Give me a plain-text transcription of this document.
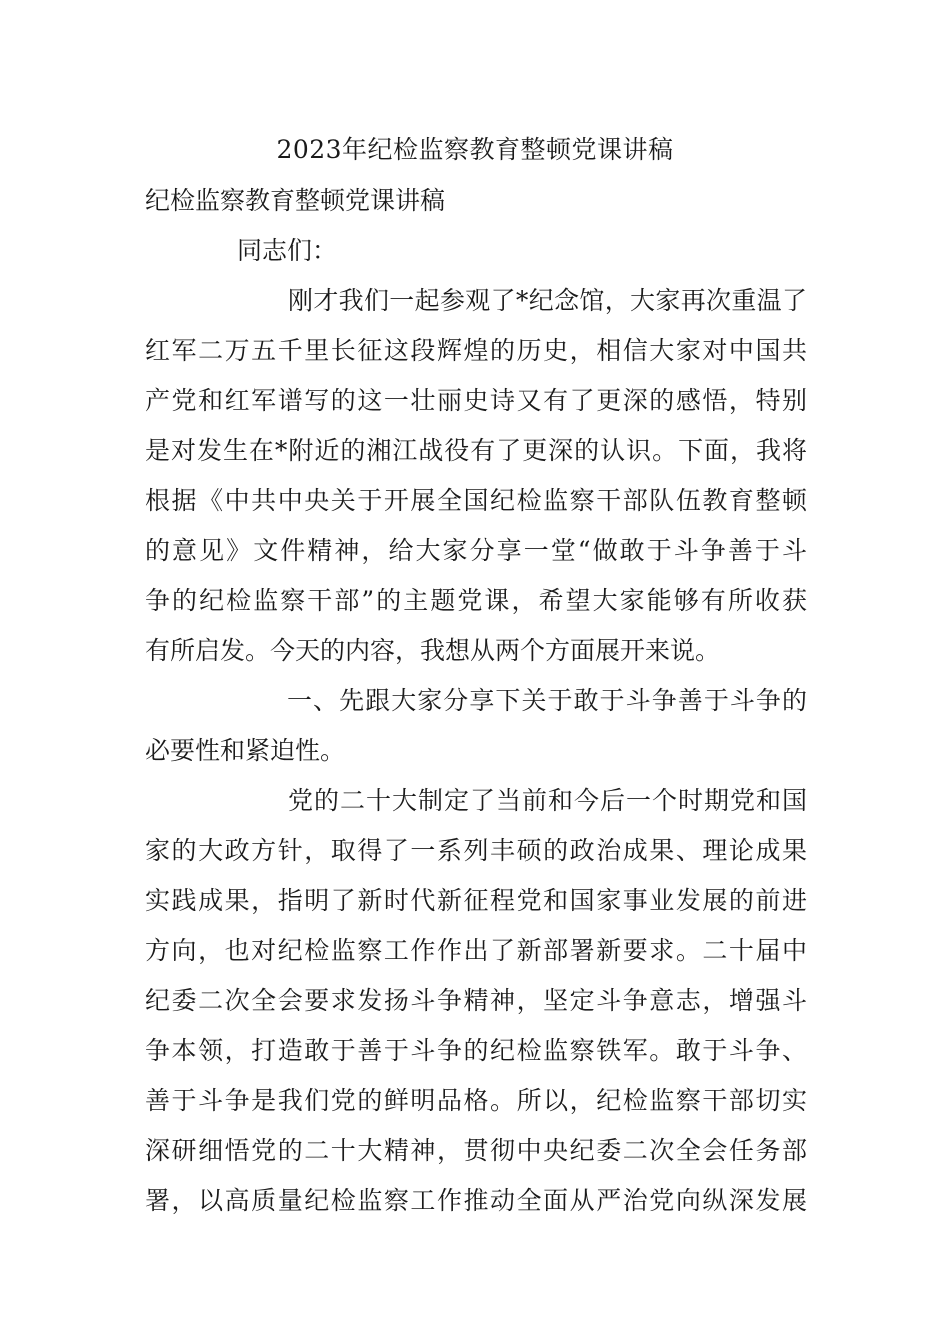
2023年纪检监察教育整顿党课讲稿
纪检监察教育整顿党课讲稿
同志们：
刚才我们一起参观了*纪念馆，大家再次重温了
红军二万五千里长征这段辉煌的历史，相信大家对中国共
产党和红军谱写的这一壮丽史诗又有了更深的感悟，特别
是对发生在*附近的湘江战役有了更深的认识。下面，我将
根据《中共中央关于开展全国纪检监察干部队伍教育整顿
的意见》文件精神，给大家分享一堂“做敢于斗争善于斗
争的纪检监察干部”的主题党课，希望大家能够有所收获
有所启发。今天的内容，我想从两个方面展开来说。
一、先跟大家分享下关于敢于斗争善于斗争的
必要性和紧迫性。
党的二十大制定了当前和今后一个时期党和国
家的大政方针，取得了一系列丰硕的政治成果、理论成果
实践成果，指明了新时代新征程党和国家事业发展的前进
方向，也对纪检监察工作作出了新部署新要求。二十届中
纪委二次全会要求发扬斗争精神，坚定斗争意志，增强斗
争本领，打造敢于善于斗争的纪检监察铁军。敢于斗争、
善于斗争是我们党的鲜明品格。所以，纪检监察干部切实
深研细悟党的二十大精神，贯彻中央纪委二次全会任务部
署，以高质量纪检监察工作推动全面从严治党向纵深发展
